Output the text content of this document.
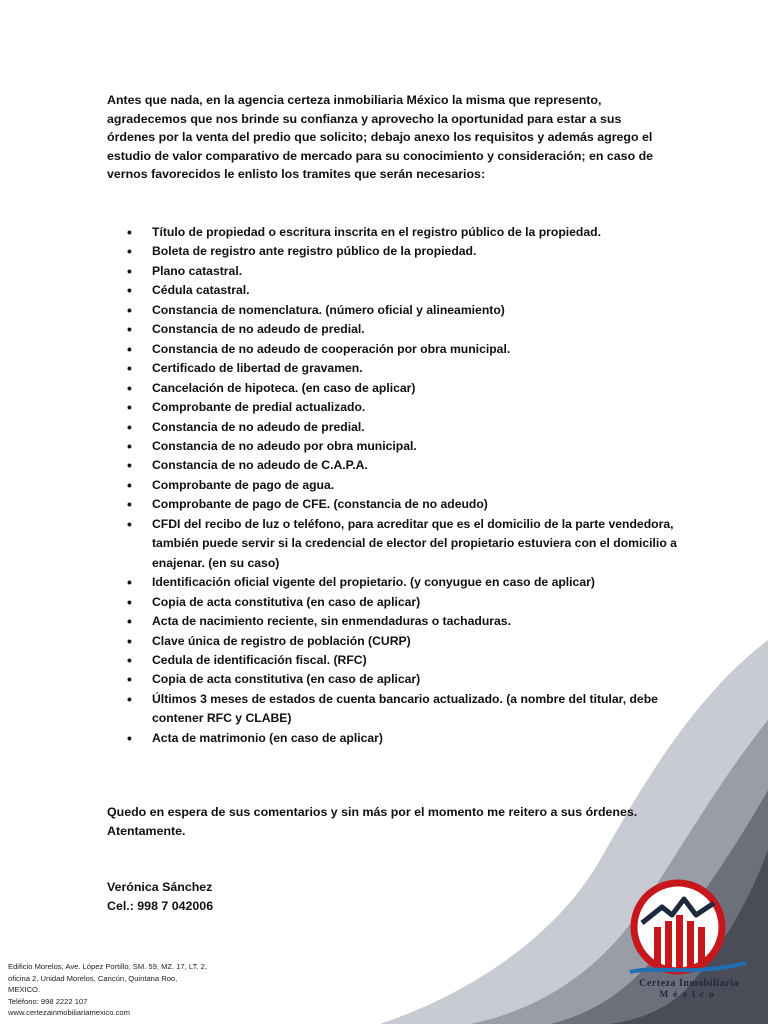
Antes que nada, en la agencia certeza inmobiliaria México la misma que represento, agradecemos que nos brinde su confianza y aprovecho la oportunidad para estar a sus órdenes por la venta del predio que solicito; debajo anexo los requisitos y además agrego el estudio de valor comparativo de mercado para su conocimiento y consideración; en caso de vernos favorecidos le enlisto los tramites que serán necesarios:
• Título de propiedad o escritura inscrita en el registro público de la propiedad.
• Boleta de registro ante registro público de la propiedad.
• Plano catastral.
• Cédula catastral.
• Constancia de nomenclatura. (número oficial y alineamiento)
• Constancia de no adeudo de predial.
• Constancia de no adeudo de cooperación por obra municipal.
• Certificado de libertad de gravamen.
• Cancelación de hipoteca. (en caso de aplicar)
• Comprobante de predial actualizado.
• Constancia de no adeudo de predial.
• Constancia de no adeudo por obra municipal.
• Constancia de no adeudo de C.A.P.A.
• Comprobante de pago de agua.
• Comprobante de pago de CFE. (constancia de no adeudo)
• CFDI del recibo de luz o teléfono, para acreditar que es el domicilio de la parte vendedora, también puede servir si la credencial de elector del propietario estuviera con el domicilio a enajenar. (en su caso)
• Identificación oficial vigente del propietario. (y conyugue en caso de aplicar)
• Copia de acta constitutiva (en caso de aplicar)
• Acta de nacimiento reciente, sin enmendaduras o tachaduras.
• Clave única de registro de población (CURP)
• Cedula de identificación fiscal. (RFC)
• Copia de acta constitutiva (en caso de aplicar)
• Últimos 3 meses de estados de cuenta bancario actualizado. (a nombre del titular, debe contener RFC y CLABE)
• Acta de matrimonio (en caso de aplicar)
Quedo en espera de sus comentarios y sin más por el momento me reitero a sus órdenes.
Atentamente.
Verónica Sánchez
Cel.: 998 7 042006
Edificio Morelos, Ave. López Portillo, SM. 59, MZ. 17, LT. 2,
oficina 2, Unidad Morelos, Cancún, Quintana Roo,
MEXICO.
Teléfono: 998 2222 107
www.certezainmobiliariamexico.com
Certeza Inmobiliaria
México
